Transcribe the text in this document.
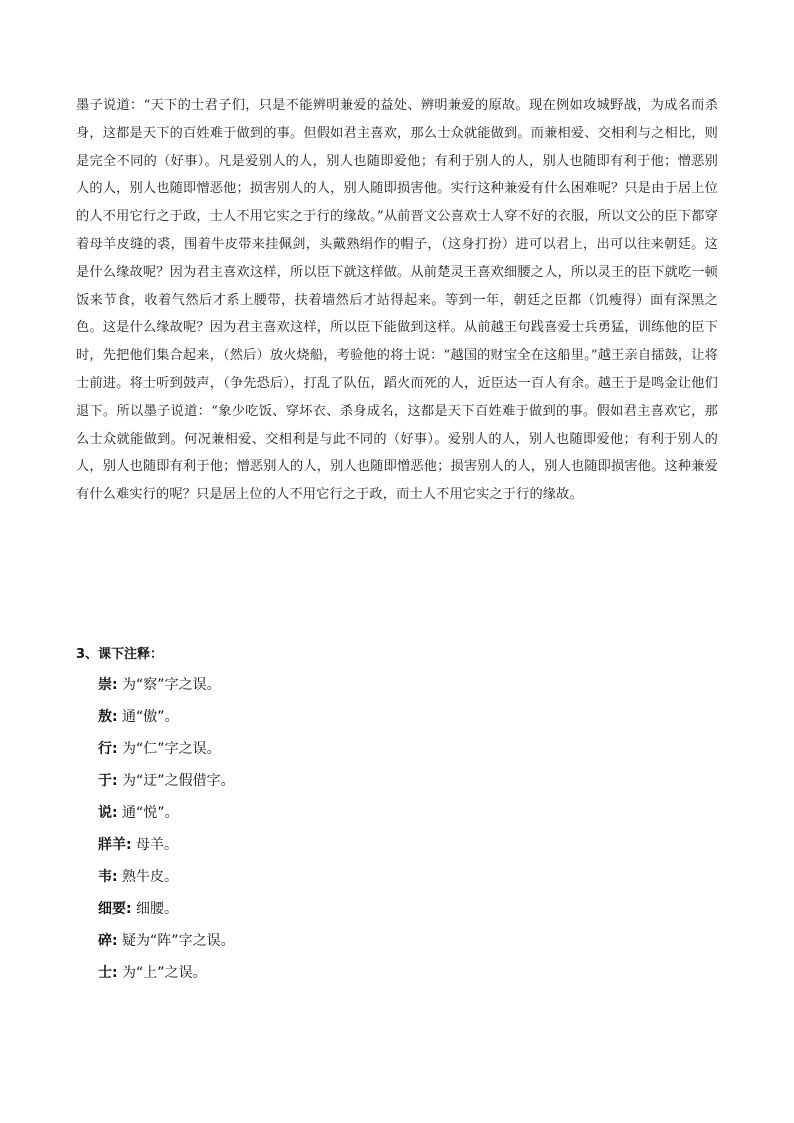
墨子说道：“天下的士君子们，只是不能辨明兼爱的益处、辨明兼爱的原故。现在例如攻城野战，为成名而杀身，这都是天下的百姓难于做到的事。但假如君主喜欢，那么士众就能做到。而兼相爱、交相利与之相比，则是完全不同的（好事）。凡是爱别人的人，别人也随即爱他；有利于别人的人，别人也随即有利于他；憎恶别人的人，别人也随即憎恶他；损害别人的人，别人随即损害他。实行这种兼爱有什么困难呢？只是由于居上位的人不用它行之于政，士人不用它实之于行的缘故。”从前晋文公喜欢士人穿不好的衣服，所以文公的臣下都穿着母羊皮缝的裘，围着牛皮带来挂佩剑，头戴熟绢作的帽子，（这身打扮）进可以君上，出可以往来朝廷。这是什么缘故呢？因为君主喜欢这样，所以臣下就这样做。从前楚灵王喜欢细腰之人，所以灵王的臣下就吃一顿饭来节食，收着气然后才系上腰带，扶着墙然后才站得起来。等到一年，朝廷之臣都（饥瘦得）面有深黑之色。这是什么缘故呢？因为君主喜欢这样，所以臣下能做到这样。从前越王句践喜爱士兵勇猛，训练他的臣下时，先把他们集合起来，（然后）放火烧船，考验他的将士说：“越国的财宝全在这船里。”越王亲自擂鼓，让将士前进。将士听到鼓声，（争先恐后），打乱了队伍，蹈火而死的人，近臣达一百人有余。越王于是鸣金让他们退下。所以墨子说道：“象少吃饭、穿坏衣、杀身成名，这都是天下百姓难于做到的事。假如君主喜欢它，那么士众就能做到。何况兼相爱、交相利是与此不同的（好事）。爱别人的人，别人也随即爱他；有利于别人的人，别人也随即有利于他；憎恶别人的人，别人也随即憎恶他；损害别人的人，别人也随即损害他。这种兼爱有什么难实行的呢？只是居上位的人不用它行之于政，而士人不用它实之于行的缘故。

3、课下注释：

崇: 为“察”字之误。
敖: 通“傲”。
行: 为“仁”字之误。
于: 为“迂”之假借字。
说: 通“悦”。
牂羊: 母羊。
韦: 熟牛皮。
细要: 细腰。
碎: 疑为“阵”字之误。
士: 为“上”之误。
